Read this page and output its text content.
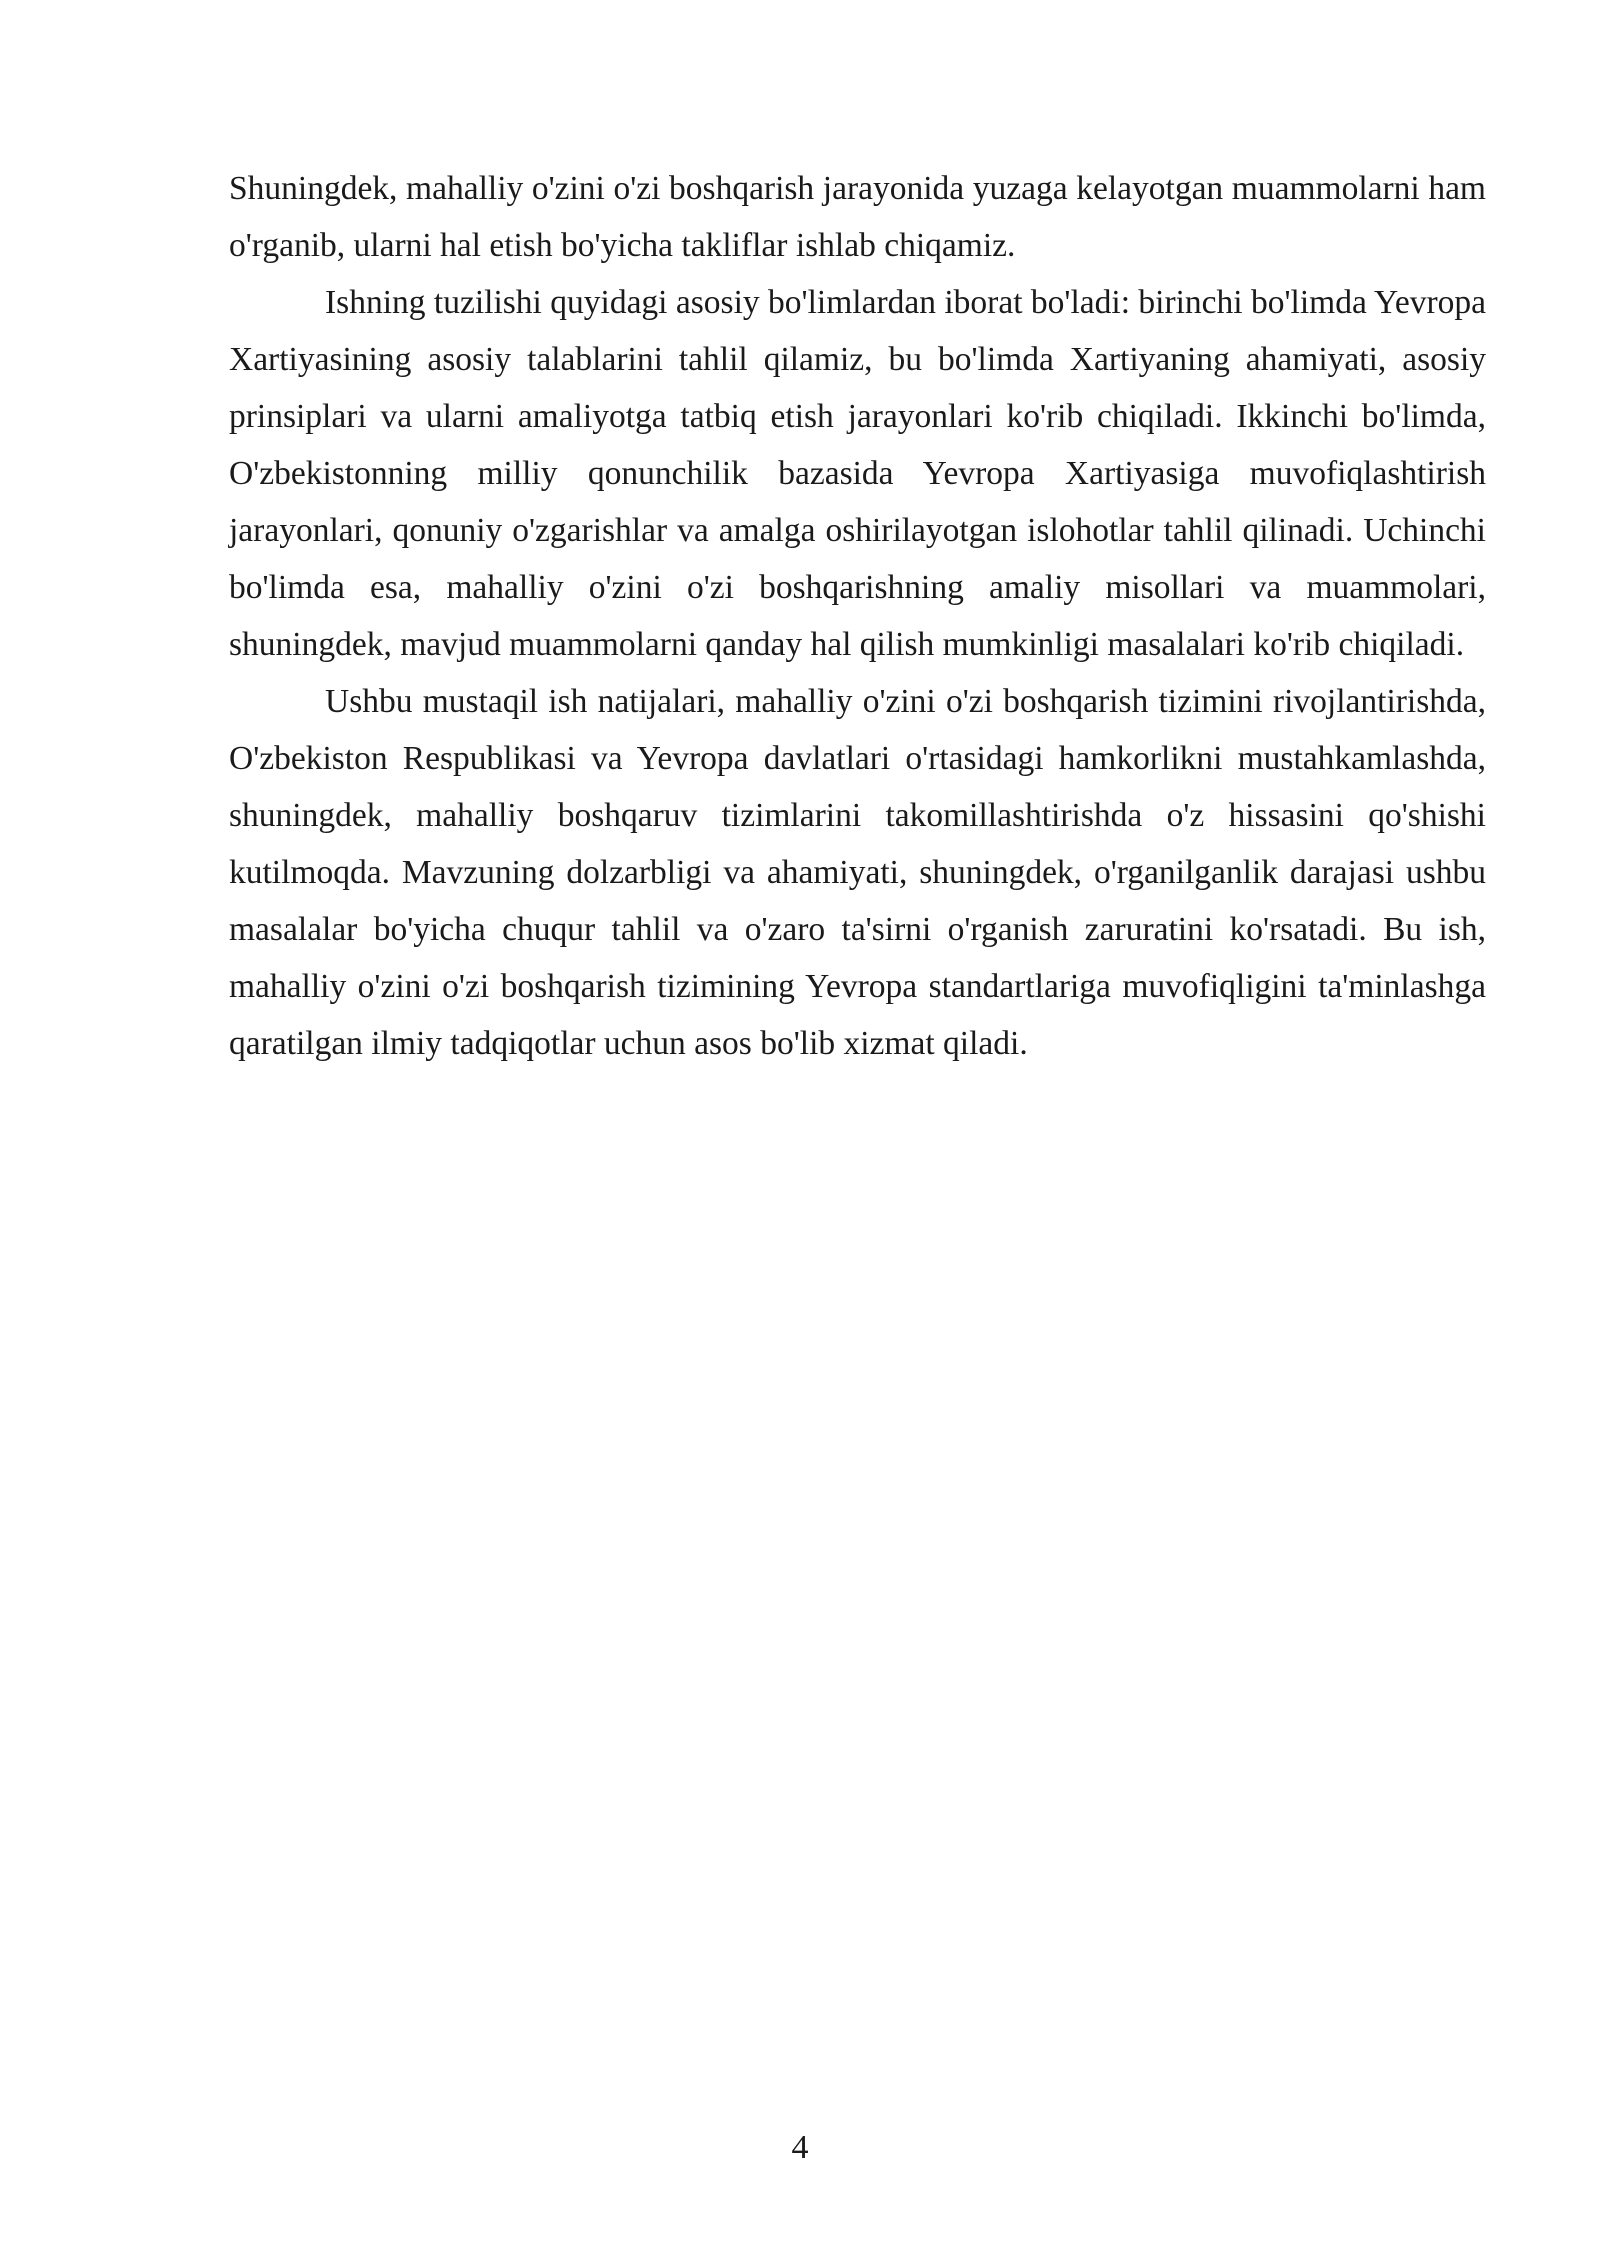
Shuningdek, mahalliy o'zini o'zi boshqarish jarayonida yuzaga kelayotgan muammolarni ham o'rganib, ularni hal etish bo'yicha takliflar ishlab chiqamiz.

Ishning tuzilishi quyidagi asosiy bo'limlardan iborat bo'ladi: birinchi bo'limda Yevropa Xartiyasining asosiy talablarini tahlil qilamiz, bu bo'limda Xartiyaning ahamiyati, asosiy prinsiplari va ularni amaliyotga tatbiq etish jarayonlari ko'rib chiqiladi. Ikkinchi bo'limda, O'zbekistonning milliy qonunchilik bazasida Yevropa Xartiyasiga muvofiqlashtirish jarayonlari, qonuniy o'zgarishlar va amalga oshirilayotgan islohotlar tahlil qilinadi. Uchinchi bo'limda esa, mahalliy o'zini o'zi boshqarishning amaliy misollari va muammolari, shuningdek, mavjud muammolarni qanday hal qilish mumkinligi masalalari ko'rib chiqiladi.

Ushbu mustaqil ish natijalari, mahalliy o'zini o'zi boshqarish tizimini rivojlantirishda, O'zbekiston Respublikasi va Yevropa davlatlari o'rtasidagi hamkorlikni mustahkamlashda, shuningdek, mahalliy boshqaruv tizimlarini takomillashtirishda o'z hissasini qo'shishi kutilmoqda. Mavzuning dolzarbligi va ahamiyati, shuningdek, o'rganilganlik darajasi ushbu masalalar bo'yicha chuqur tahlil va o'zaro ta'sirni o'rganish zaruratini ko'rsatadi. Bu ish, mahalliy o'zini o'zi boshqarish tizimining Yevropa standartlariga muvofiqligini ta'minlashga qaratilgan ilmiy tadqiqotlar uchun asos bo'lib xizmat qiladi.

4
